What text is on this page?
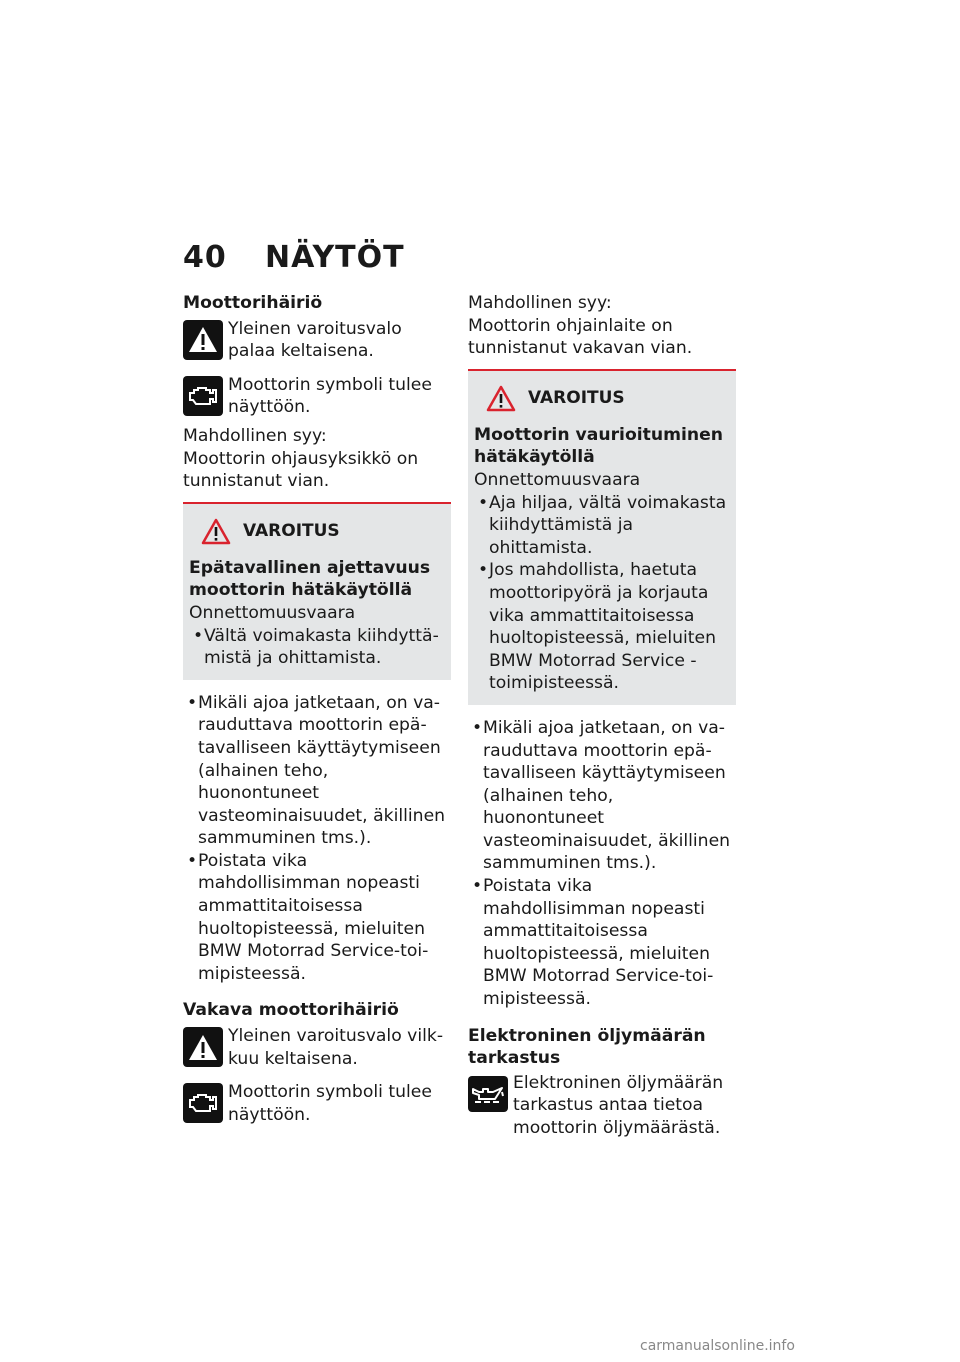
40 NÄYTÖT
Moottorihäiriö
Yleinen varoitusvalo palaa keltaisena.
Moottorin symboli tulee näyttöön.
Mahdollinen syy:
Moottorin ohjausyksikkö on tunnistanut vian.
VAROITUS
Epätavallinen ajettavuus moottorin hätäkäytöllä
Onnettomuusvaara
• Vältä voimakasta kiihdyttämistä ja ohittamista.
• Mikäli ajoa jatketaan, on varauduttava moottorin epätavalliseen käyttäytymiseen (alhainen teho, huonontuneet vasteominaisuudet, äkillinen sammuminen tms.).
• Poistata vika mahdollisimman nopeasti ammattitaitoisessa huoltopisteessä, mieluiten BMW Motorrad Service-toimipisteessä.
Vakava moottorihäiriö
Yleinen varoitusvalo vilkkuu keltaisena.
Moottorin symboli tulee näyttöön.
Mahdollinen syy:
Moottorin ohjainlaite on tunnistanut vakavan vian.
VAROITUS
Moottorin vaurioituminen hätäkäytöllä
Onnettomuusvaara
• Aja hiljaa, vältä voimakasta kiihdyttämistä ja ohittamista.
• Jos mahdollista, haetuta moottoripyörä ja korjauta vika ammattitaitoisessa huoltopisteessä, mieluiten BMW Motorrad Service -toimipisteessä.
• Mikäli ajoa jatketaan, on varauduttava moottorin epätavalliseen käyttäytymiseen (alhainen teho, huonontuneet vasteominaisuudet, äkillinen sammuminen tms.).
• Poistata vika mahdollisimman nopeasti ammattitaitoisessa huoltopisteessä, mieluiten BMW Motorrad Service-toimipisteessä.
Elektroninen öljymäärän tarkastus
Elektroninen öljymäärän tarkastus antaa tietoa moottorin öljymäärästä.
carmanualsonline.info
